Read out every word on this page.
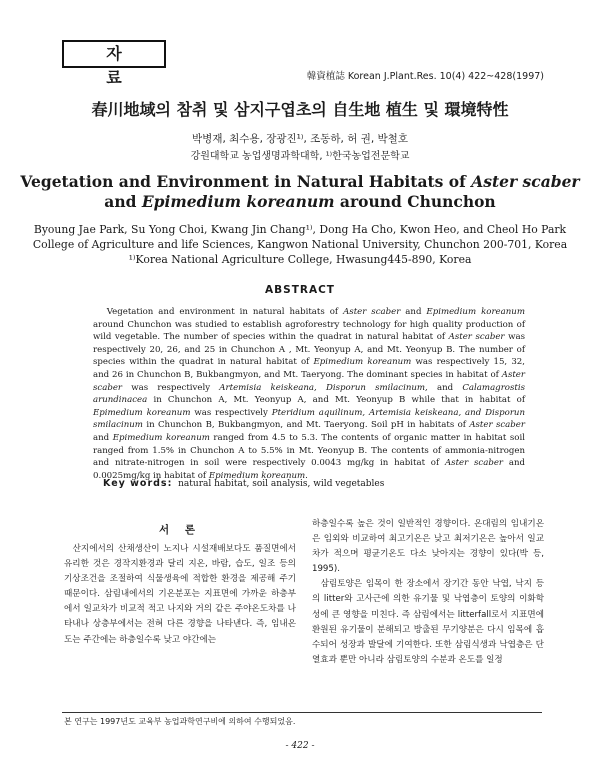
자 료	韓資植誌 Korean J.Plant.Res. 10(4) 422~428(1997)
春川地域의 참취 및 삼지구엽초의 自生地 植生 및 環境特性
박병재, 최수용, 장광진¹⁾, 조동하, 허 권, 박철호
강원대학교 농업생명과학대학, ¹⁾한국농업전문학교
Vegetation and Environment in Natural Habitats of Aster scaber
and Epimedium koreanum around Chunchon
Byoung Jae Park, Su Yong Choi, Kwang Jin Chang¹⁾, Dong Ha Cho, Kwon Heo, and Cheol Ho Park
College of Agriculture and life Sciences, Kangwon National University, Chunchon 200-701, Korea
¹⁾Korea National Agriculture College, Hwasung445-890, Korea
ABSTRACT
Vegetation and environment in natural habitats of Aster scaber and Epimedium koreanum around Chunchon was studied to establish agroforestry technology for high quality production of wild vegetable. The number of species within the quadrat in natural habitat of Aster scaber was respectively 20, 26, and 25 in Chunchon A , Mt. Yeonyup A, and Mt. Yeonyup B. The number of species within the quadrat in natural habitat of Epimedium koreanum was respectively 15, 32, and 26 in Chunchon B, Bukbangmyon, and Mt. Taeryong. The dominant species in habitat of Aster scaber was respectively Artemisia keiskeana, Disporun smilacinum, and Calamagrostis arundinacea in Chunchon A, Mt. Yeonyup A, and Mt. Yeonyup B while that in habitat of Epimedium koreanum was respectively Pteridium aquilinum, Artemisia keiskeana, and Disporun smilacinum in Chunchon B, Bukbangmyon, and Mt. Taeryong. Soil pH in habitats of Aster scaber and Epimedium koreanum ranged from 4.5 to 5.3. The contents of organic matter in habitat soil ranged from 1.5% in Chunchon A to 5.5% in Mt. Yeonyup B. The contents of ammonia-nitrogen and nitrate-nitrogen in soil were respectively 0.0043 mg/kg in habitat of Aster scaber and 0.0025mg/kg in habitat of Epimedium koreanum.
Key words: natural habitat, soil analysis, wild vegetables
서 론

산지에서의 산채생산이 노지나 시설재배보다도 품질면에서 유리한 것은 경작지환경과 달리 지온, 바람, 습도, 일조 등의 기상조건을 조절하여 식물생육에 적합한 환경을 제공해 주기 때문이다. 삼림내에서의 기온분포는 지표면에 가까운 하층부에서 일교차가 비교적 적고 나지와 거의 같은 주야온도차를 나타내나 상층부에서는 전혀 다른 경향을 나타낸다. 즉, 임내온도는 주간에는 하층일수록 낮고 야간에는

하층일수록 높은 것이 일반적인 경향이다. 온대림의 임내기온은 임외와 비교하여 최고기온은 낮고 최저기온은 높아서 일교차가 적으며 평균기온도 다소 낮아지는 경향이 있다(박 등, 1995).

삼림토양은 임목이 한 장소에서 장기간 동안 낙엽, 낙지 등의 litter와 고사근에 의한 유기물 및 낙엽층이 토양의 이화학성에 큰 영향을 미친다. 즉 삼림에서는 litterfall로서 지표면에 환원된 유기물이 분해되고 방출된 무기양분은 다시 임목에 흡수되어 성장과 발달에 기여한다. 또한 삼림식생과 낙엽층은 단열효과 뿐만 아니라 삼림토양의 수분과 온도를 일정

본 연구는 1997년도 교육부 농업과학연구비에 의하여 수행되었음.
- 422 -
